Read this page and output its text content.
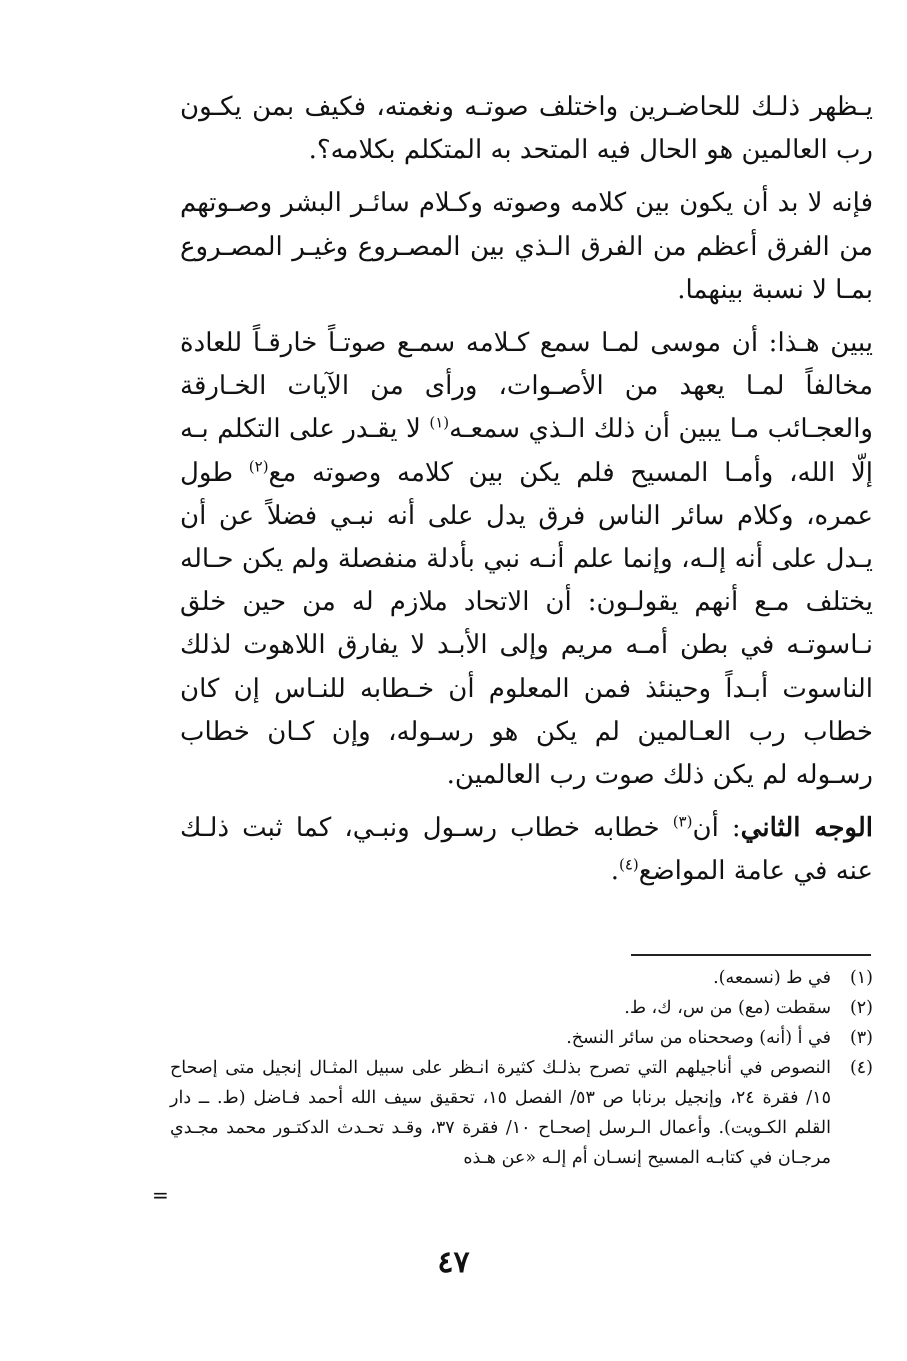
يـظهر ذلـك للحاضـرين واختلف صوتـه ونغمته، فكيف بمن يكـون رب العالمين هو الحال فيه المتحد به المتكلم بكلامه؟.

فإنه لا بد أن يكون بين كلامه وصوته وكـلام سائـر البشر وصـوتهم من الفرق أعظم من الفرق الـذي بين المصـروع وغيـر المصـروع بمـا لا نسبة بينهما.

يبين هـذا: أن موسى لمـا سمع كـلامه سمـع صوتـاً خارقـاً للعادة مخالفاً لمـا يعهد من الأصـوات، ورأى من الآيات الخـارقة والعجـائب مـا يبين أن ذلك الـذي سمعـه$^{(١)}$ لا يقـدر على التكلم بـه إلّا الله، وأمـا المسيح فلم يكن بين كلامه وصوته مع$^{(٢)}$ طول عمره، وكلام سائر الناس فرق يدل على أنه نبـي فضلاً عن أن يـدل على أنه إلـه، وإنما علم أنـه نبي بأدلة منفصلة ولم يكن حـاله يختلف مـع أنهم يقولـون: أن الاتحاد ملازم له من حين خلق نـاسوتـه في بطن أمـه مريم وإلى الأبـد لا يفارق اللاهوت لذلك الناسوت أبـداً وحينئذ فمن المعلوم أن خـطابه للنـاس إن كان خطاب رب العـالمين لم يكن هو رسـوله، وإن كـان خطاب رسـوله لم يكن ذلك صوت رب العالمين.

الوجه الثاني: أن$^{(٣)}$ خطابه خطاب رسـول ونبـي، كما ثبت ذلـك عنه في عامة المواضع$^{(٤)}$.

(١)
في ط (نسمعه).
(٢)
سقطت (مع) من س، ك، ط.
(٣)
في أ (أنه) وصححناه من سائر النسخ.
(٤)
النصوص في أناجيلهم التي تصرح بذلـك كثيرة انـظر على سبيل المثـال إنجيل متى إصحاح ١٥/ فقرة ٢٤، وإنجيل برنابا ص ٥٣/ الفصل ١٥، تحقيق سيف الله أحمد فـاضل (ط. ــ دار القلم الكـويت). وأعمال الـرسل إصحـاح ١٠/ فقرة ٣٧، وقـد تحـدث الدكتـور محمد مجـدي مرجـان في كتابـه المسيح إنسـان أم إلـه «عن هـذه
=
٤٧
